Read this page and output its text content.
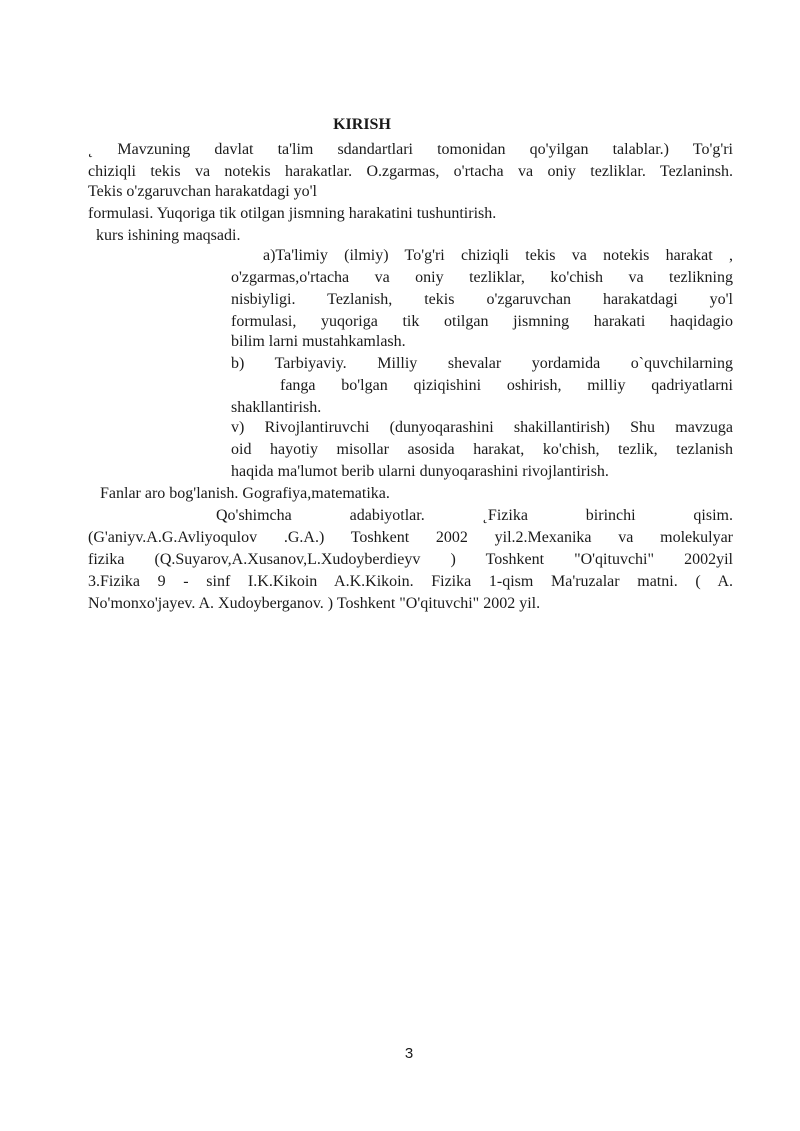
KIRISH
˛ Mavzuning davlat ta'lim sdandartlari tomonidan qo'yilgan talablar.) To'g'ri
chiziqli tekis va notekis harakatlar. O.zgarmas, o'rtacha va oniy tezliklar. Tezlaninsh.
Tekis o'zgaruvchan harakatdagi yo'l
formulasi. Yuqoriga tik otilgan jismning harakatini tushuntirish.
kurs ishining maqsadi.
a)Ta'limiy (ilmiy) To'g'ri chiziqli tekis va notekis harakat ,
o'zgarmas,o'rtacha va oniy tezliklar, ko'chish va tezlikning
nisbiyligi. Tezlanish, tekis o'zgaruvchan harakatdagi yo'l
formulasi, yuqoriga tik otilgan jismning harakati haqidagio
bilim larni mustahkamlash.
b) Tarbiyaviy. Milliy shevalar yordamida o`quvchilarning
fanga bo'lgan qiziqishini oshirish, milliy qadriyatlarni
shakllantirish.
v) Rivojlantiruvchi (dunyoqarashini shakillantirish) Shu mavzuga
oid hayotiy misollar asosida harakat, ko'chish, tezlik, tezlanish
haqida ma'lumot berib ularni dunyoqarashini rivojlantirish.
Fanlar aro bog'lanish. Gografiya,matematika.
Qo'shimcha adabiyotlar. ˛Fizika birinchi qisim.
(G'aniyv.A.G.Avliyoqulov .G.A.) Toshkent 2002 yil.2.Mexanika va molekulyar
fizika (Q.Suyarov,A.Xusanov,L.Xudoyberdieyv ) Toshkent "O'qituvchi" 2002yil
3.Fizika 9 - sinf I.K.Kikoin A.K.Kikoin. Fizika 1-qism Ma'ruzalar matni. ( A.
No'monxo'jayev. A. Xudoyberganov. ) Toshkent "O'qituvchi" 2002 yil.
3
